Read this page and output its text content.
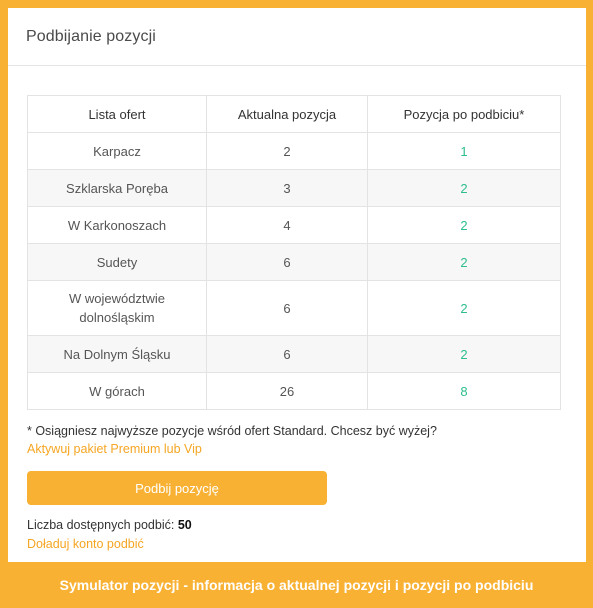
Podbijanie pozycji
Lista ofert	Aktualna pozycja	Pozycja po podbiciu*
Karpacz	2	1
Szklarska Poręba	3	2
W Karkonoszach	4	2
Sudety	6	2
W województwie dolnośląskim	6	2
Na Dolnym Śląsku	6	2
W górach	26	8
* Osiągniesz najwyższe pozycje wśród ofert Standard. Chcesz być wyżej?
Aktywuj pakiet Premium lub Vip
Podbij pozycję
Liczba dostępnych podbić: 50
Doładuj konto podbić
Symulator pozycji - informacja o aktualnej pozycji i pozycji po podbiciu
